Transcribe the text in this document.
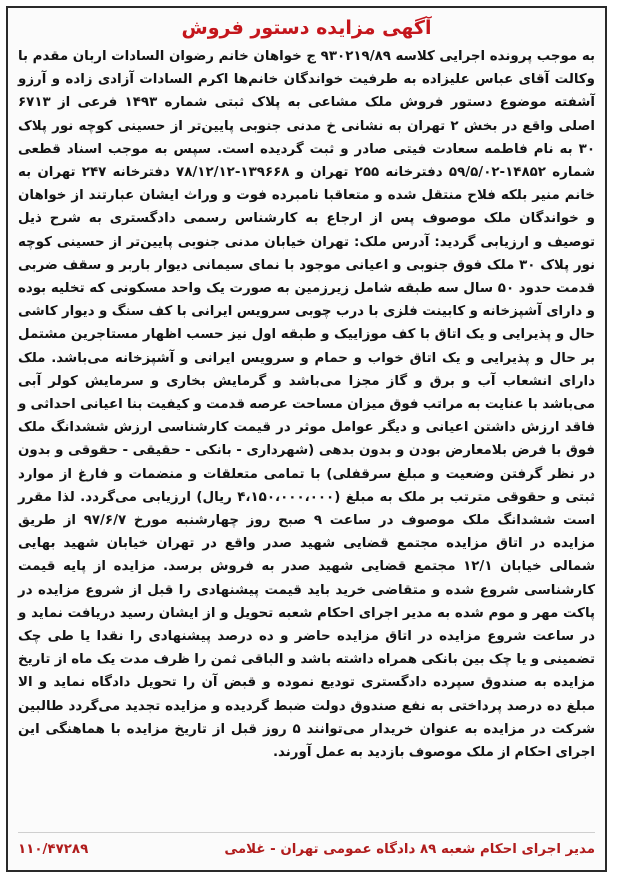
آگهی مزایده دستور فروش
به موجب پرونده اجرایی کلاسه ۹۳۰۲۱۹/۸۹ ج خواهان خانم رضوان السادات اربان مقدم با وکالت آقای عباس علیزاده به طرفیت خواندگان خانم‌ها اکرم السادات آزادی زاده و آرزو آشفته موضوع دستور فروش ملک مشاعی به پلاک ثبتی شماره ۱۴۹۳ فرعی از ۶۷۱۳ اصلی واقع در بخش ۲ تهران به نشانی خ مدنی جنوبی پایین‌تر از حسینی کوچه نور پلاک ۳۰ به نام فاطمه سعادت فیتی صادر و ثبت گردیده است. سپس به موجب اسناد قطعی شماره ۱۴۸۵۲-۵۹/۵/۰۲ دفترخانه ۲۵۵ تهران و ۱۳۹۶۶۸-۷۸/۱۲/۱۲ دفترخانه ۲۴۷ تهران به خانم منیر بلکه فلاح منتقل شده و متعاقبا نامبرده فوت و وراث ایشان عبارتند از خواهان و خواندگان ملک موصوف پس از ارجاع به کارشناس رسمی دادگستری به شرح ذیل توصیف و ارزیابی گردید: آدرس ملک: تهران خیابان مدنی جنوبی پایین‌تر از حسینی کوچه نور پلاک ۳۰ ملک فوق جنوبی و اعیانی موجود با نمای سیمانی دیوار باربر و سقف ضربی قدمت حدود ۵۰ سال سه طبقه شامل زیرزمین به صورت یک واحد مسکونی که تخلیه بوده و دارای آشپزخانه و کابینت فلزی با درب چوبی سرویس ایرانی با کف سنگ و دیوار کاشی حال و پذیرایی و یک اتاق با کف موزاییک و طبقه اول نیز حسب اظهار مستاجرین مشتمل بر حال و پذیرایی و یک اتاق خواب و حمام و سرویس ایرانی و آشپزخانه می‌باشد. ملک دارای انشعاب آب و برق و گاز مجزا می‌باشد و گرمایش بخاری و سرمایش کولر آبی می‌باشد با عنایت به مراتب فوق میزان مساحت عرصه قدمت و کیفیت بنا اعیانی احداثی و فاقد ارزش داشتن اعیانی و دیگر عوامل موثر در قیمت کارشناسی ارزش ششدانگ ملک فوق با فرض بلامعارض بودن و بدون بدهی (شهرداری - بانکی - حقیقی - حقوقی و بدون در نظر گرفتن وضعیت و مبلغ سرقفلی) با تمامی متعلقات و منضمات و فارغ از موارد ثبتی و حقوقی مترتب بر ملک به مبلغ (۴،۱۵۰،۰۰۰،۰۰۰ ریال) ارزیابی می‌گردد. لذا مقرر است ششدانگ ملک موصوف در ساعت ۹ صبح روز چهارشنبه مورخ ۹۷/۶/۷ از طریق مزایده در اتاق مزایده مجتمع قضایی شهید صدر واقع در تهران خیابان شهید بهایی شمالی خیابان ۱۲/۱ مجتمع قضایی شهید صدر به فروش برسد. مزایده از پایه قیمت کارشناسی شروع شده و متقاضی خرید باید قیمت پیشنهادی را قبل از شروع مزایده در پاکت مهر و موم شده به مدیر اجرای احکام شعبه تحویل و از ایشان رسید دریافت نماید و در ساعت شروع مزایده در اتاق مزایده حاضر و ده درصد پیشنهادی را نقدا یا طی چک تضمینی و یا چک بین بانکی همراه داشته باشد و الباقی ثمن را ظرف مدت یک ماه از تاریخ مزایده به صندوق سپرده دادگستری تودیع نموده و قبض آن را تحویل دادگاه نماید و الا مبلغ ده درصد پرداختی به نفع صندوق دولت ضبط گردیده و مزایده تجدید می‌گردد طالبین شرکت در مزایده به عنوان خریدار می‌توانند ۵ روز قبل از تاریخ مزایده با هماهنگی این اجرای احکام از ملک موصوف بازدید به عمل آورند.
مدیر اجرای احکام شعبه ۸۹ دادگاه عمومی تهران - غلامی
۱۱۰/۴۷۲۸۹
